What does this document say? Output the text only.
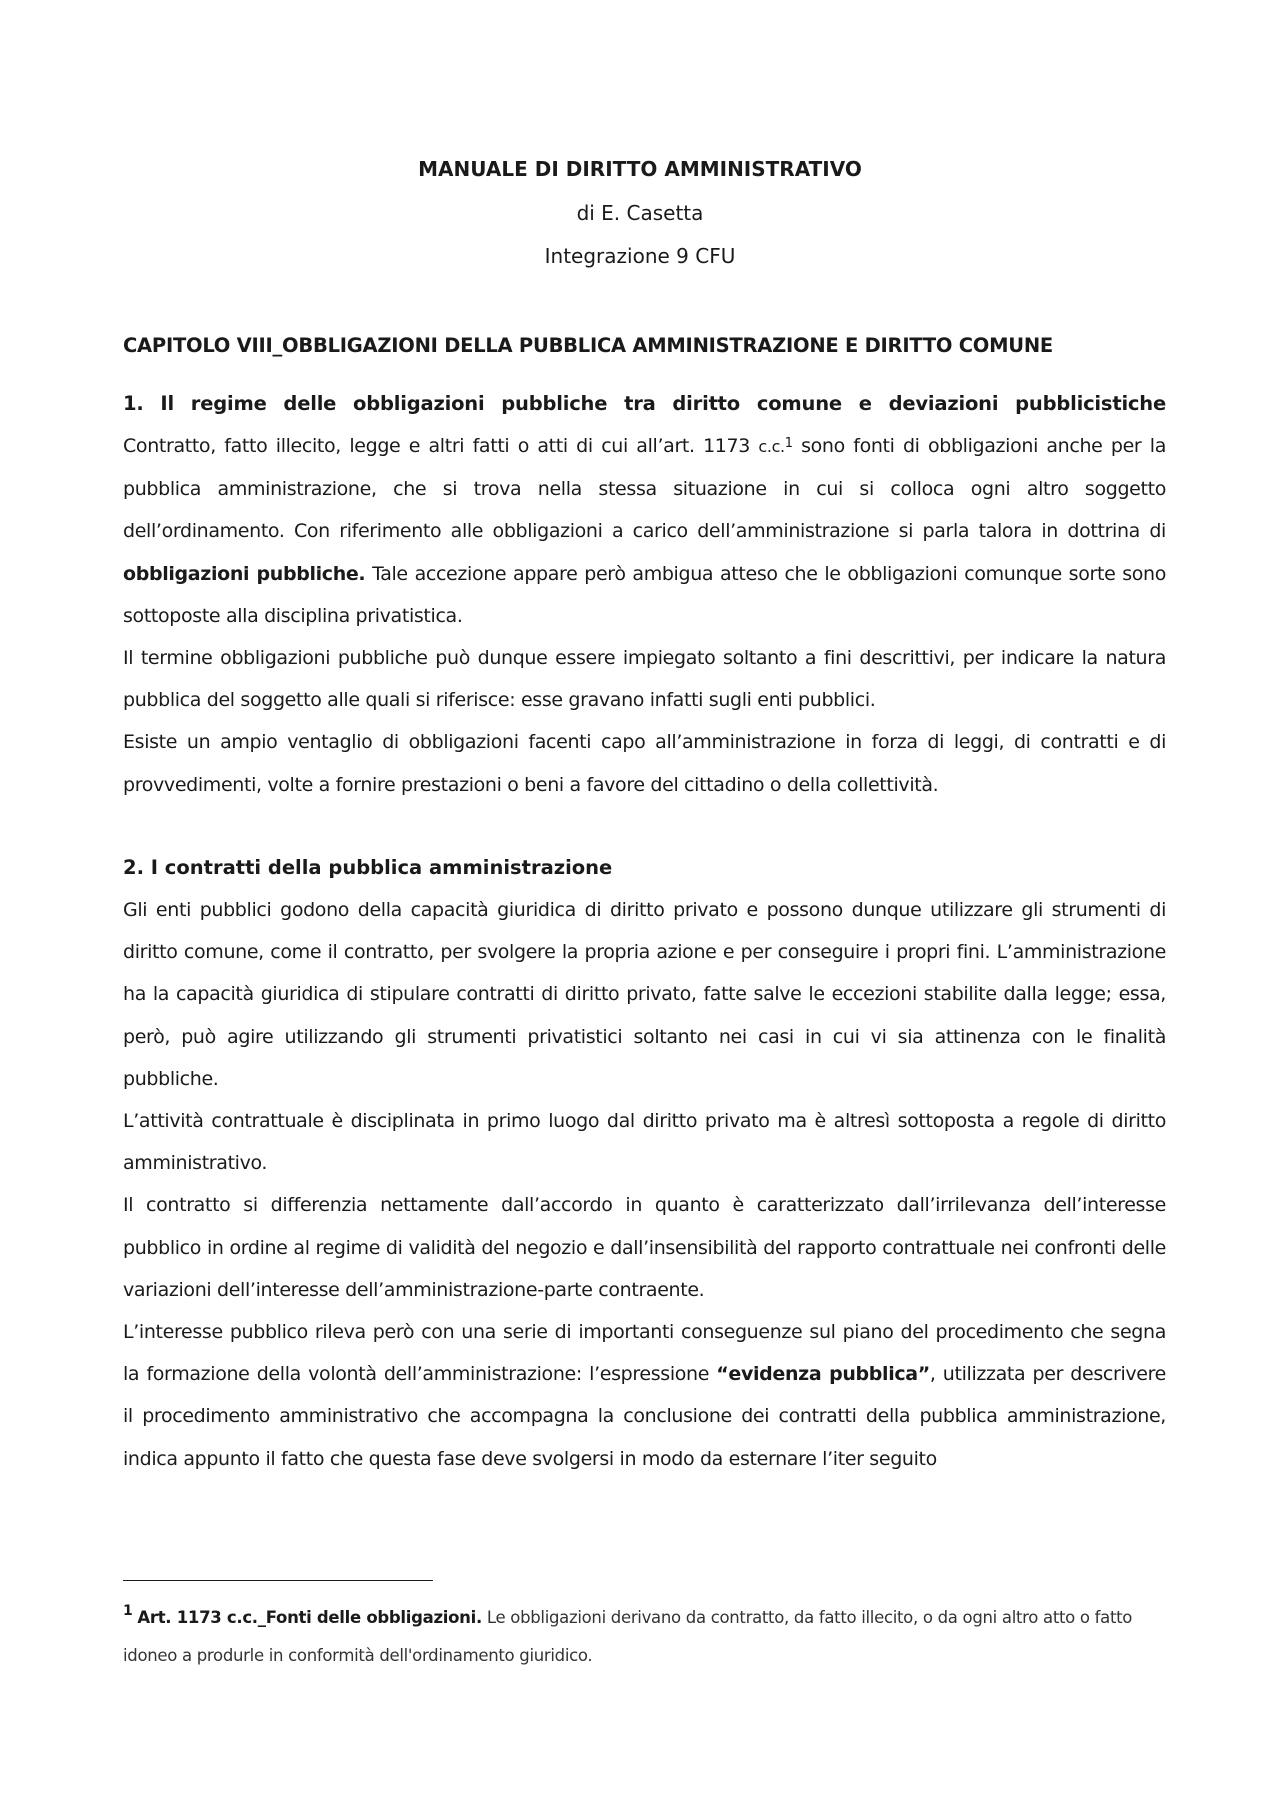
MANUALE DI DIRITTO AMMINISTRATIVO
di E. Casetta
Integrazione 9 CFU
CAPITOLO VIII_OBBLIGAZIONI DELLA PUBBLICA AMMINISTRAZIONE E DIRITTO COMUNE
1. Il regime delle obbligazioni pubbliche tra diritto comune e deviazioni pubblicistiche

Contratto, fatto illecito, legge e altri fatti o atti di cui all’art. 1173 c.c.$^1$ sono fonti di obbligazioni anche per la pubblica amministrazione, che si trova nella stessa situazione in cui si colloca ogni altro soggetto dell’ordinamento. Con riferimento alle obbligazioni a carico dell’amministrazione si parla talora in dottrina di obbligazioni pubbliche. Tale accezione appare però ambigua atteso che le obbligazioni comunque sorte sono sottoposte alla disciplina privatistica.

Il termine obbligazioni pubbliche può dunque essere impiegato soltanto a fini descrittivi, per indicare la natura pubblica del soggetto alle quali si riferisce: esse gravano infatti sugli enti pubblici.

Esiste un ampio ventaglio di obbligazioni facenti capo all’amministrazione in forza di leggi, di contratti e di provvedimenti, volte a fornire prestazioni o beni a favore del cittadino o della collettività.

2. I contratti della pubblica amministrazione

Gli enti pubblici godono della capacità giuridica di diritto privato e possono dunque utilizzare gli strumenti di diritto comune, come il contratto, per svolgere la propria azione e per conseguire i propri fini. L’amministrazione ha la capacità giuridica di stipulare contratti di diritto privato, fatte salve le eccezioni stabilite dalla legge; essa, però, può agire utilizzando gli strumenti privatistici soltanto nei casi in cui vi sia attinenza con le finalità pubbliche.

L’attività contrattuale è disciplinata in primo luogo dal diritto privato ma è altresì sottoposta a regole di diritto amministrativo.

Il contratto si differenzia nettamente dall’accordo in quanto è caratterizzato dall’irrilevanza dell’interesse pubblico in ordine al regime di validità del negozio e dall’insensibilità del rapporto contrattuale nei confronti delle variazioni dell’interesse dell’amministrazione-parte contraente.

L’interesse pubblico rileva però con una serie di importanti conseguenze sul piano del procedimento che segna la formazione della volontà dell’amministrazione: l’espressione “evidenza pubblica”, utilizzata per descrivere il procedimento amministrativo che accompagna la conclusione dei contratti della pubblica amministrazione, indica appunto il fatto che questa fase deve svolgersi in modo da esternare l’iter seguito

$^1$ Art. 1173 c.c._Fonti delle obbligazioni. Le obbligazioni derivano da contratto, da fatto illecito, o da ogni altro atto o fatto idoneo a produrle in conformità dell'ordinamento giuridico.
